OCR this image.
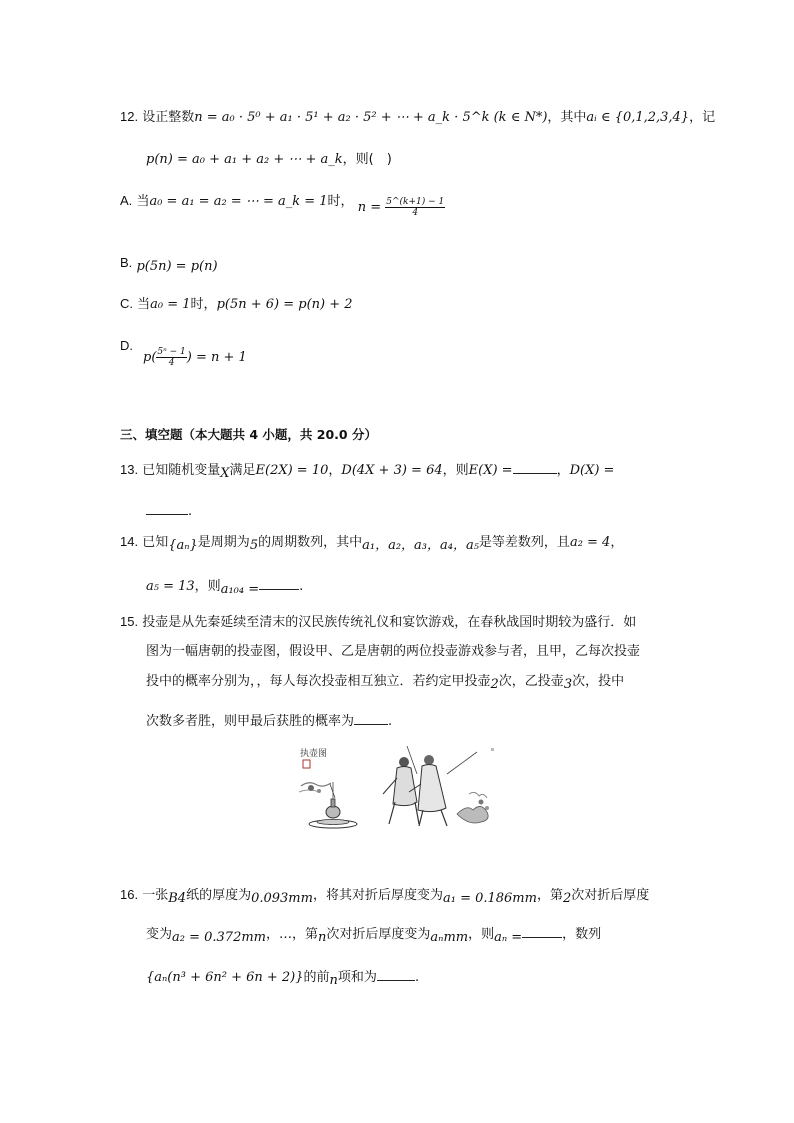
12. 设正整数n = a₀ · 5⁰ + a₁ · 5¹ + a₂ · 5² + ⋯ + a_k · 5^k (k ∈ N*)，其中aᵢ ∈ {0,1,2,3,4}，记
p(n) = a₀ + a₁ + a₂ + ⋯ + a_k，则(　)
A. 当a₀ = a₁ = a₂ = ⋯ = a_k = 1时， $n = \frac{5\^{}(k+1) - 1}{4}$
B. p(5n) = p(n)
C. 当a₀ = 1时，p(5n + 6) = p(n) + 2
D.
$p( \frac{\text{5ⁿ − 1}}{4}$ ) = n + 1
三、填空题（本大题共 4 小题，共 20.0 分）
13. 已知随机变量X满足E(2X) = 10，D(4X + 3) = 64，则E(X) =	，D(X) =
.
14. 已知{aₙ}是周期为5的周期数列，其中a₁，a₂，a₃，a₄，a₅是等差数列，且a₂ = 4，
a₅ = 13，则a₁₀₄ =	.
15. 投壶是从先秦延续至清末的汉民族传统礼仪和宴饮游戏，在春秋战国时期较为盛行．如
图为一幅唐朝的投壶图，假设甲、乙是唐朝的两位投壶游戏参与者，且甲，乙每次投壶
投中的概率分别为，，每人每次投壶相互独立．若约定甲投壶2次，乙投壶3次，投中
次数多者胜，则甲最后获胜的概率为	.
执壶图
16. 一张B4纸的厚度为0.093mm，将其对折后厚度变为a₁ = 0.186mm，第2次对折后厚度
变为a₂ = 0.372mm，…，第n次对折后厚度变为aₙmm，则aₙ =	，数列
{aₙ(n³ + 6n² + 6n + 2)}的前n项和为	.
